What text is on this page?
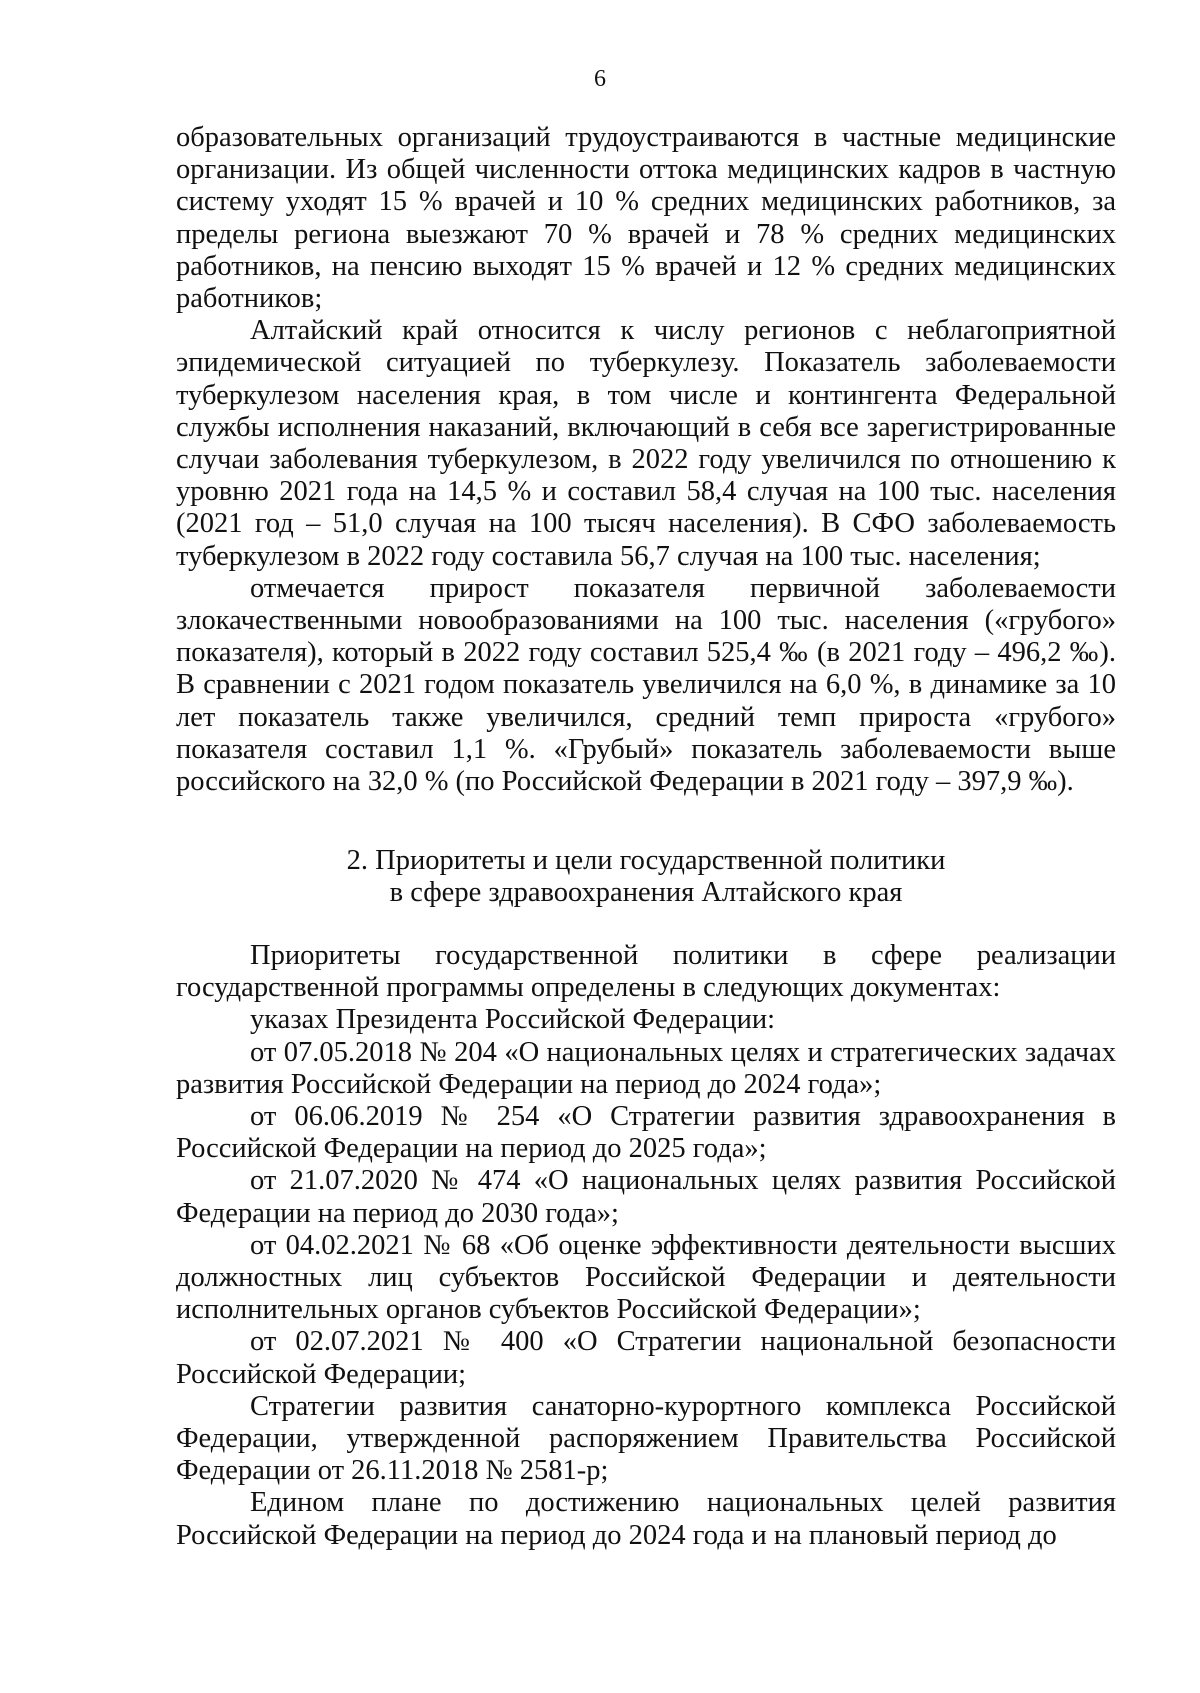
6

образовательных организаций трудоустраиваются в частные медицинские организации. Из общей численности оттока медицинских кадров в частную систему уходят 15 % врачей и 10 % средних медицинских работников, за пределы региона выезжают 70 % врачей и 78 % средних медицинских работников, на пенсию выходят 15 % врачей и 12 % средних медицинских работников;

Алтайский край относится к числу регионов с неблагоприятной эпидемической ситуацией по туберкулезу. Показатель заболеваемости туберкулезом населения края, в том числе и контингента Федеральной службы исполнения наказаний, включающий в себя все зарегистрированные случаи заболевания туберкулезом, в 2022 году увеличился по отношению к уровню 2021 года на 14,5 % и составил 58,4 случая на 100 тыс. населения (2021 год – 51,0 случая на 100 тысяч населения). В СФО заболеваемость туберкулезом в 2022 году составила 56,7 случая на 100 тыс. населения;

отмечается прирост показателя первичной заболеваемости злокачественными новообразованиями на 100 тыс. населения («грубого» показателя), который в 2022 году составил 525,4 ‰ (в 2021 году – 496,2 ‰). В сравнении с 2021 годом показатель увеличился на 6,0 %, в динамике за 10 лет показатель также увеличился, средний темп прироста «грубого» показателя составил 1,1 %. «Грубый» показатель заболеваемости выше российского на 32,0 % (по Российской Федерации в 2021 году – 397,9 ‰).

2. Приоритеты и цели государственной политики
в сфере здравоохранения Алтайского края

Приоритеты государственной политики в сфере реализации государственной программы определены в следующих документах:

указах Президента Российской Федерации:

от 07.05.2018 № 204 «О национальных целях и стратегических задачах развития Российской Федерации на период до 2024 года»;

от 06.06.2019 № 254 «О Стратегии развития здравоохранения в Российской Федерации на период до 2025 года»;

от 21.07.2020 № 474 «О национальных целях развития Российской Федерации на период до 2030 года»;

от 04.02.2021 № 68 «Об оценке эффективности деятельности высших должностных лиц субъектов Российской Федерации и деятельности исполнительных органов субъектов Российской Федерации»;

от 02.07.2021 № 400 «О Стратегии национальной безопасности Российской Федерации;

Стратегии развития санаторно-курортного комплекса Российской Федерации, утвержденной распоряжением Правительства Российской Федерации от 26.11.2018 № 2581-р;

Едином плане по достижению национальных целей развития Российской Федерации на период до 2024 года и на плановый период до
